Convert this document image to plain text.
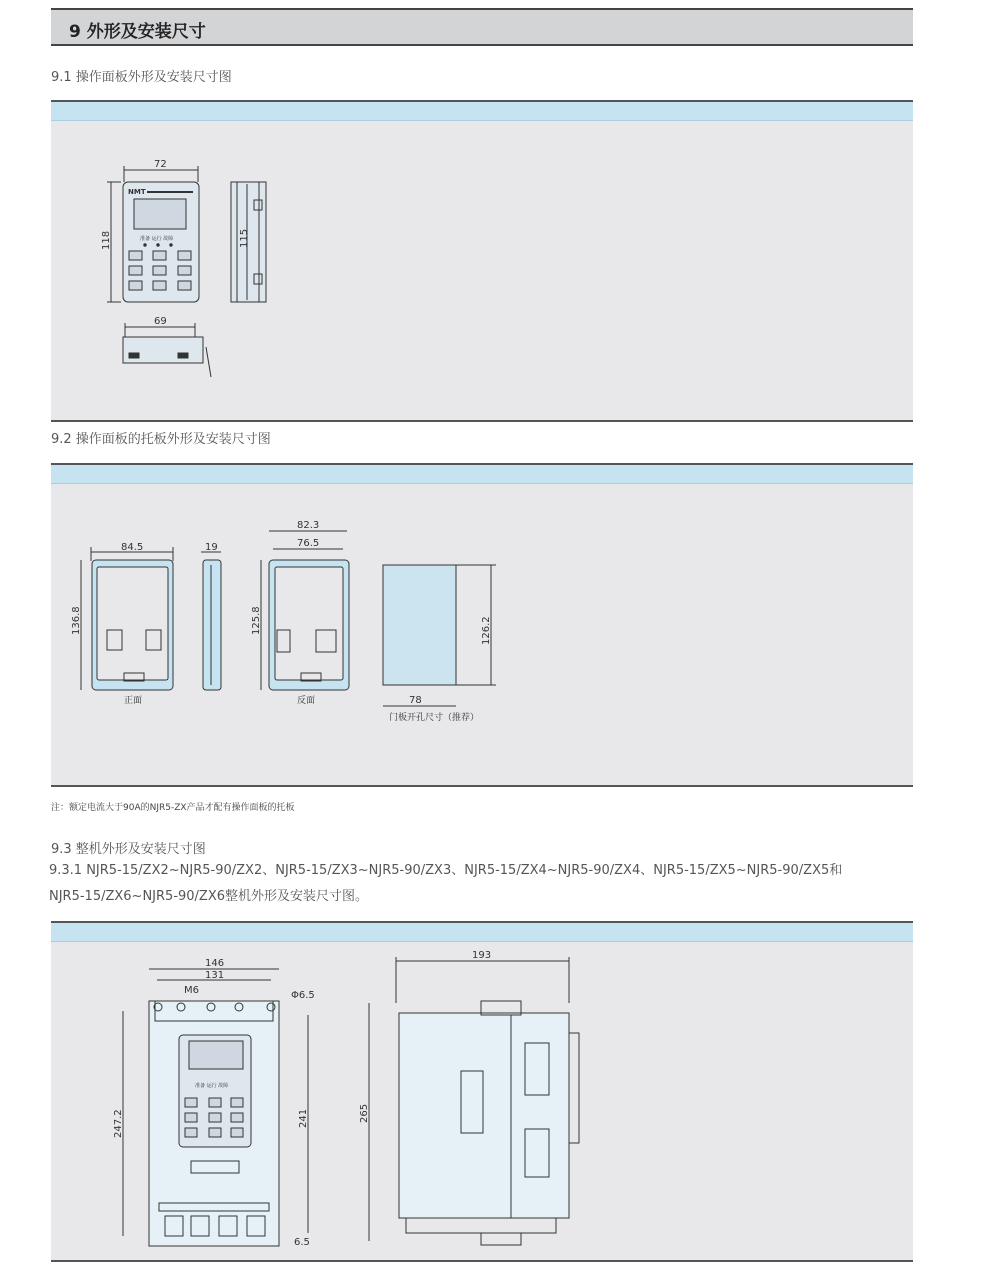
9 外形及安装尺寸
9.1 操作面板外形及安装尺寸图
72
118
NMT
准备 运行 故障	115
69
9.2 操作面板的托板外形及安装尺寸图
84.5
136.8
正面
19
82.3
76.5
125.8
反面
126.2
78
门板开孔尺寸（推荐）
注：额定电流大于90A的NJR5-ZX产品才配有操作面板的托板
9.3 整机外形及安装尺寸图
9.3.1 NJR5-15/ZX2~NJR5-90/ZX2、NJR5-15/ZX3~NJR5-90/ZX3、NJR5-15/ZX4~NJR5-90/ZX4、NJR5-15/ZX5~NJR5-90/ZX5和
NJR5-15/ZX6~NJR5-90/ZX6整机外形及安装尺寸图。
146
131
M6	Φ6.5
247.2	241
准备 运行 故障
6.5
193
265
